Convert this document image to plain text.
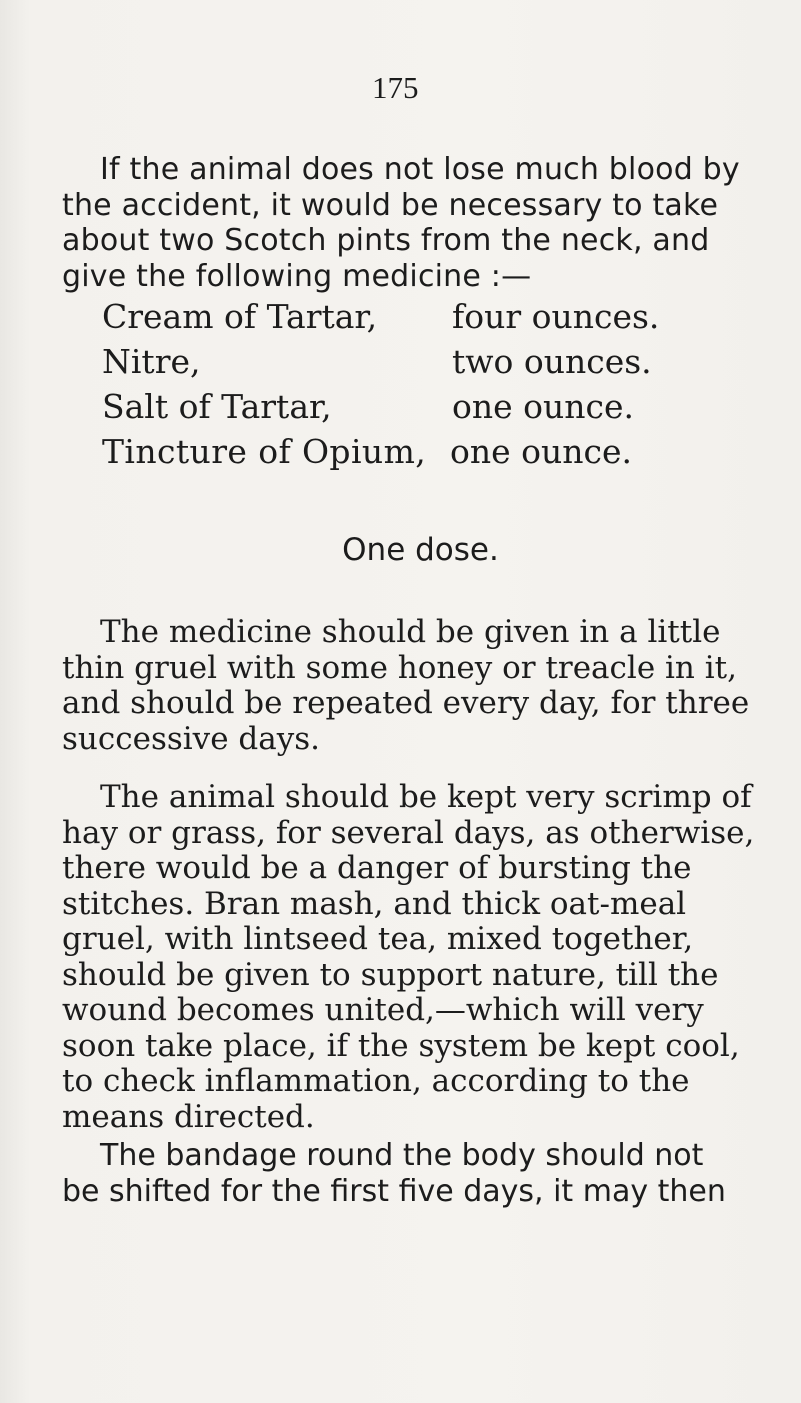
175

If the animal does not lose much blood by
the accident, it would be necessary to take
about two Scotch pints from the neck, and
give the following medicine :—

Cream of Tartar, four ounces.
Nitre,	two ounces.
Salt of Tartar,	one ounce.
Tincture of Opium, one ounce.
One dose.

The medicine should be given in a little
thin gruel with some honey or treacle in it,
and should be repeated every day, for three
successive days.

The animal should be kept very scrimp of
hay or grass, for several days, as otherwise,
there would be a danger of bursting the
stitches. Bran mash, and thick oat-meal
gruel, with lintseed tea, mixed together,
should be given to support nature, till the
wound becomes united,—which will very
soon take place, if the system be kept cool,
to check inflammation, according to the
means directed.

The bandage round the body should not
be shifted for the first five days, it may then
